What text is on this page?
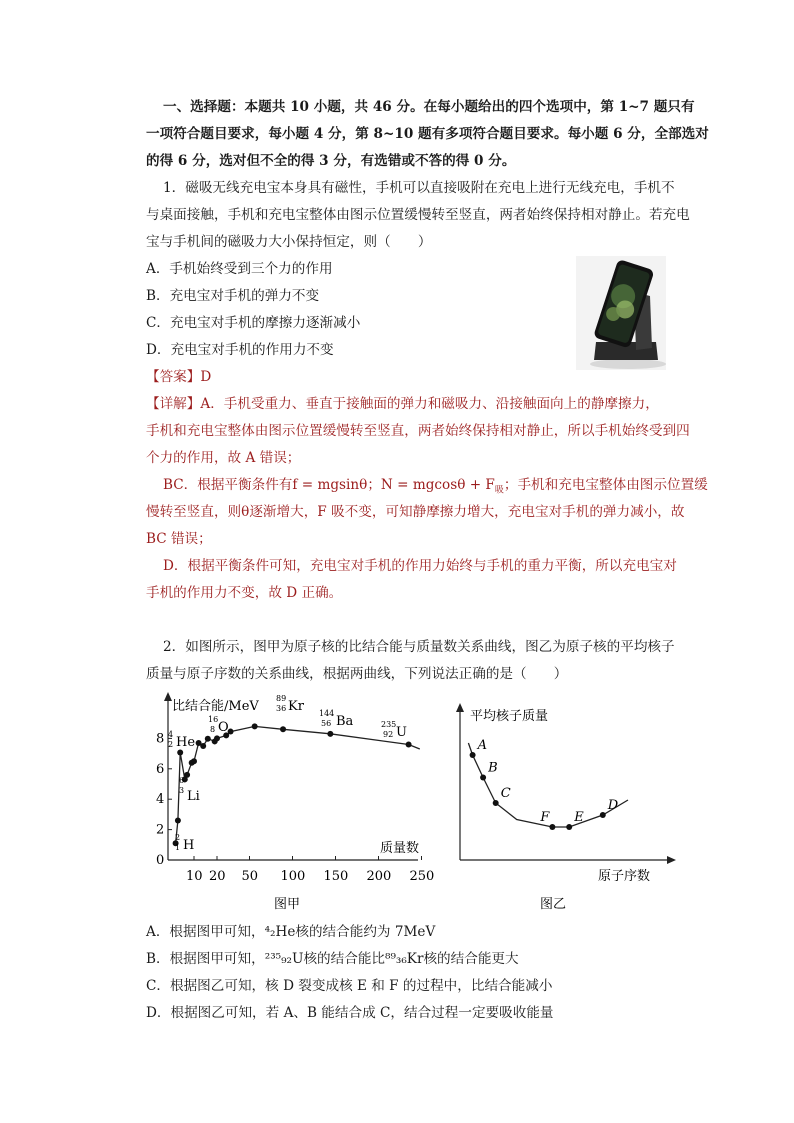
一、选择题：本题共 10 小题，共 46 分。在每小题给出的四个选项中，第 1~7 题只有
一项符合题目要求，每小题 4 分，第 8~10 题有多项符合题目要求。每小题 6 分，全部选对
的得 6 分，选对但不全的得 3 分，有选错或不答的得 0 分。
1．磁吸无线充电宝本身具有磁性，手机可以直接吸附在充电上进行无线充电，手机不
与桌面接触，手机和充电宝整体由图示位置缓慢转至竖直，两者始终保持相对静止。若充电
宝与手机间的磁吸力大小保持恒定，则（　　）
A．手机始终受到三个力的作用
B．充电宝对手机的弹力不变
C．充电宝对手机的摩擦力逐渐减小
D．充电宝对手机的作用力不变
【答案】D
【详解】A．手机受重力、垂直于接触面的弹力和磁吸力、沿接触面向上的静摩擦力，
手机和充电宝整体由图示位置缓慢转至竖直，两者始终保持相对静止，所以手机始终受到四
个力的作用，故 A 错误；
BC．根据平衡条件有f = mgsinθ；$N = mgcos\theta + F_吸$；手机和充电宝整体由图示位置缓
慢转至竖直，则θ逐渐增大，F 吸不变，可知静摩擦力增大，充电宝对手机的弹力减小，故
BC 错误；
D．根据平衡条件可知，充电宝对手机的作用力始终与手机的重力平衡，所以充电宝对
手机的作用力不变，故 D 正确。
2．如图所示，图甲为原子核的比结合能与质量数关系曲线，图乙为原子核的平均核子
质量与原子序数的关系曲线，根据两曲线，下列说法正确的是（　　）
0
2
4
6
8
10 20 50 100 150 200 250
比结合能/MeV
质量数
图甲
2
1 H
6
3 Li
4
2 He
16
8 O
89
36 Kr 144
56 Ba	235
92 U
A
B
C
F E
D
平均核子质量
原子序数
图乙
A．根据图甲可知，⁴₂He核的结合能约为 7MeV
B．根据图甲可知，²³⁵₉₂U核的结合能比⁸⁹₃₆Kr核的结合能更大
C．根据图乙可知，核 D 裂变成核 E 和 F 的过程中，比结合能减小
D．根据图乙可知，若 A、B 能结合成 C，结合过程一定要吸收能量
